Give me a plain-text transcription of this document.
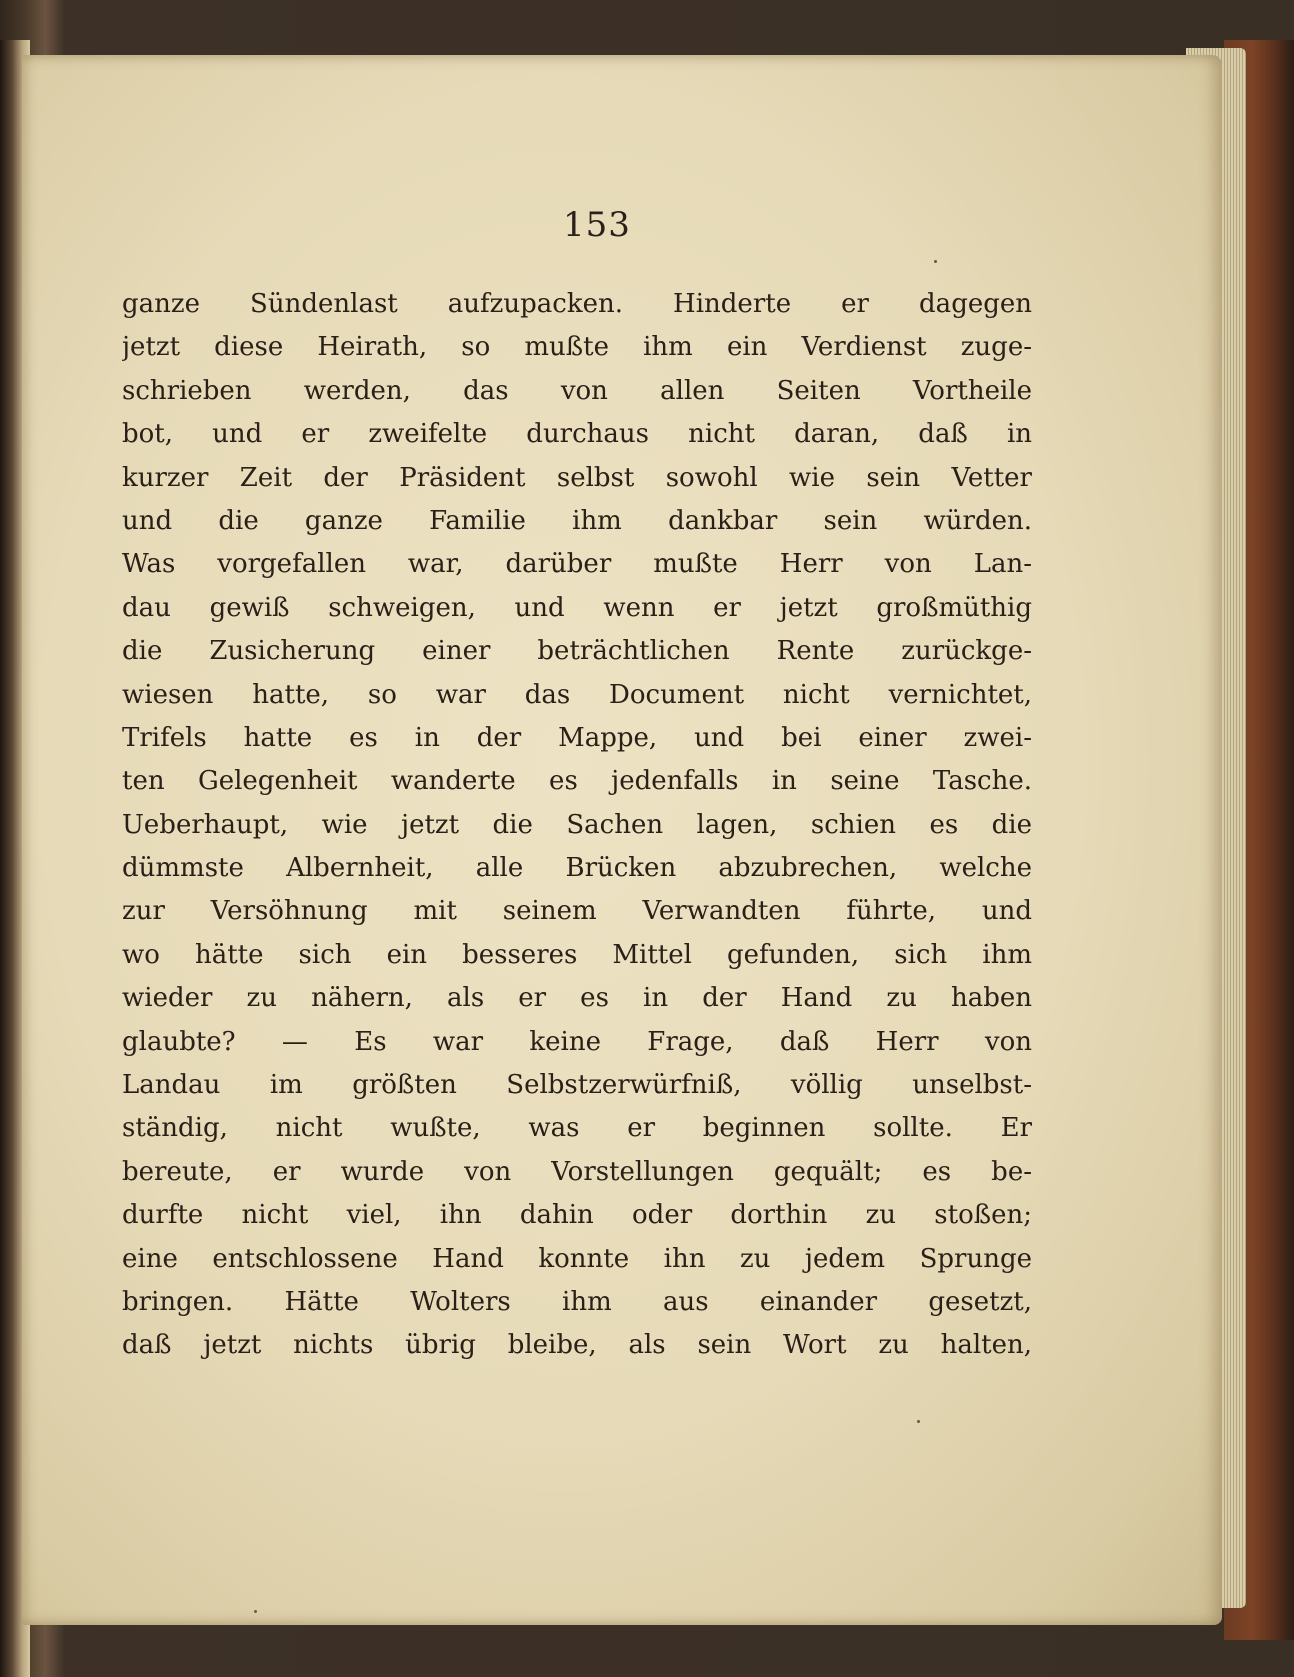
153
ganze Sündenlast aufzupacken. Hinderte er dagegen
jetzt diese Heirath, so mußte ihm ein Verdienst zuge-
schrieben werden, das von allen Seiten Vortheile
bot, und er zweifelte durchaus nicht daran, daß in
kurzer Zeit der Präsident selbst sowohl wie sein Vetter
und die ganze Familie ihm dankbar sein würden.
Was vorgefallen war, darüber mußte Herr von Lan-
dau gewiß schweigen, und wenn er jetzt großmüthig
die Zusicherung einer beträchtlichen Rente zurückge-
wiesen hatte, so war das Document nicht vernichtet,
Trifels hatte es in der Mappe, und bei einer zwei-
ten Gelegenheit wanderte es jedenfalls in seine Tasche.
Ueberhaupt, wie jetzt die Sachen lagen, schien es die
dümmste Albernheit, alle Brücken abzubrechen, welche
zur Versöhnung mit seinem Verwandten führte, und
wo hätte sich ein besseres Mittel gefunden, sich ihm
wieder zu nähern, als er es in der Hand zu haben
glaubte? — Es war keine Frage, daß Herr von
Landau im größten Selbstzerwürfniß, völlig unselbst-
ständig, nicht wußte, was er beginnen sollte. Er
bereute, er wurde von Vorstellungen gequält; es be-
durfte nicht viel, ihn dahin oder dorthin zu stoßen;
eine entschlossene Hand konnte ihn zu jedem Sprunge
bringen. Hätte Wolters ihm aus einander gesetzt,
daß jetzt nichts übrig bleibe, als sein Wort zu halten,
